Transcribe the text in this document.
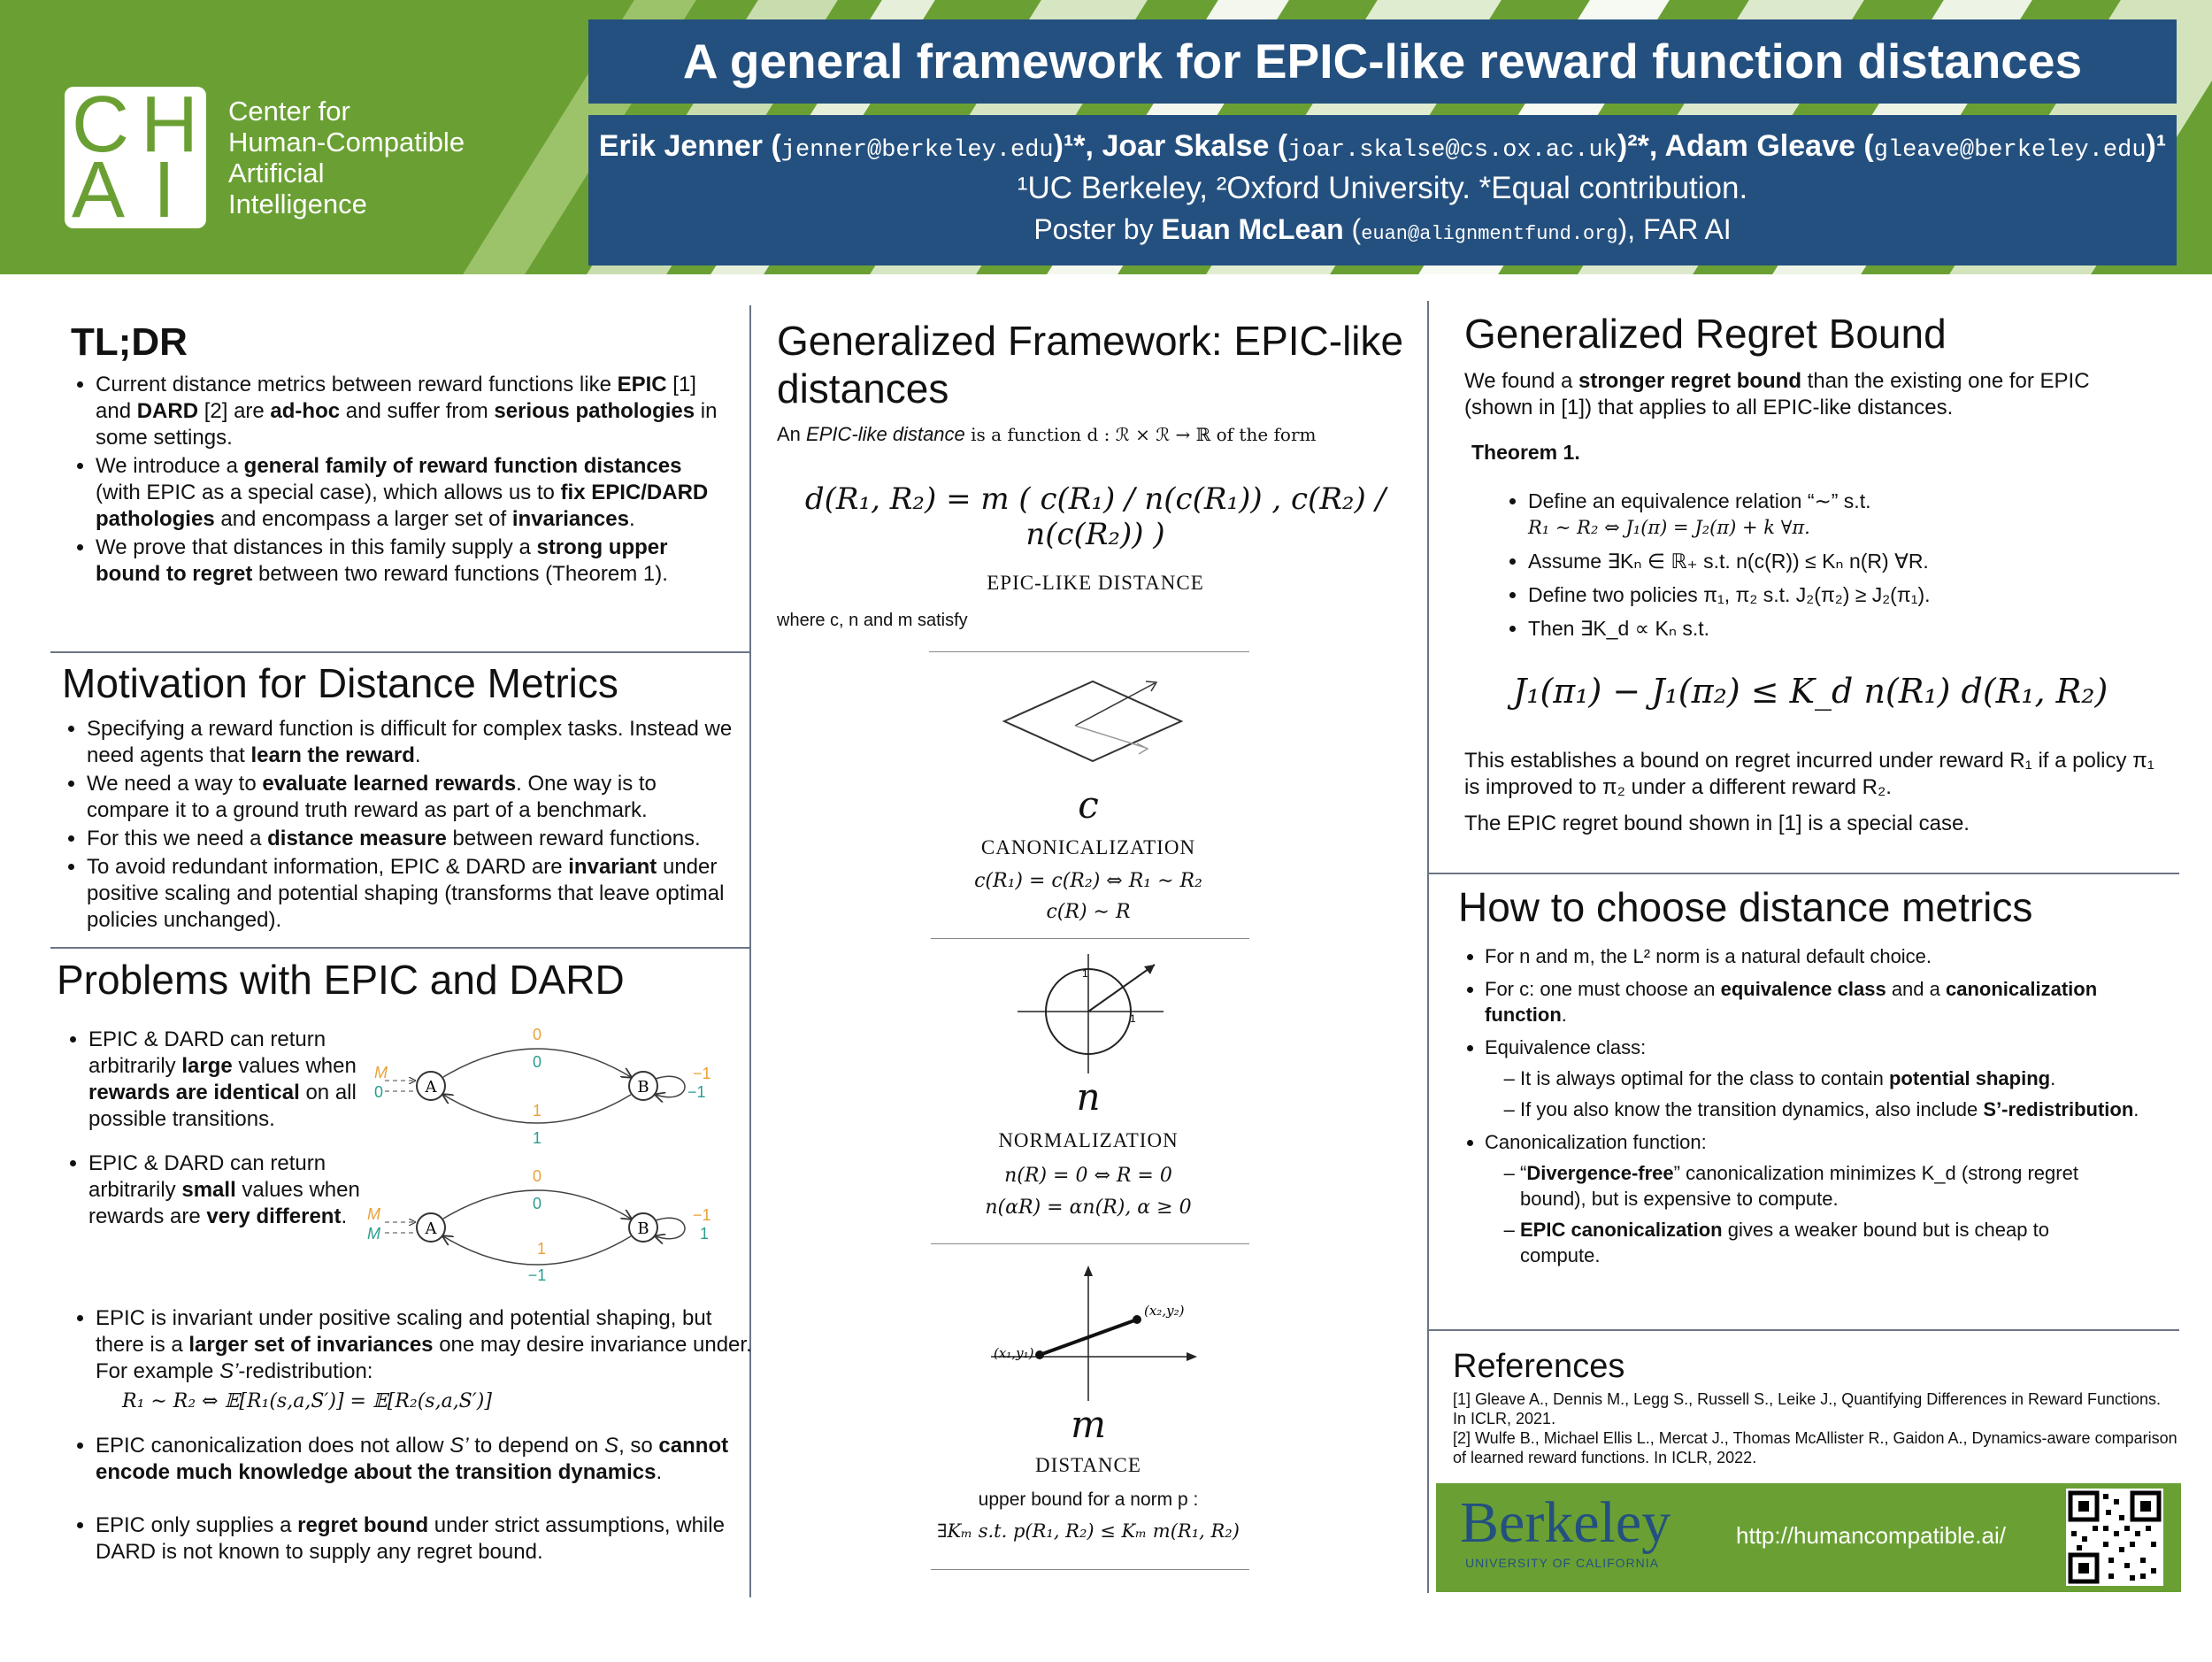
C H
A I
Center for
Human-Compatible
Artificial
Intelligence
A general framework for EPIC-like reward function distances
Erik Jenner (jenner@berkeley.edu)¹*, Joar Skalse (joar.skalse@cs.ox.ac.uk)²*, Adam Gleave (gleave@berkeley.edu)¹
¹UC Berkeley, ²Oxford University. *Equal contribution.
Poster by Euan McLean (euan@alignmentfund.org), FAR AI
TL;DR
• Current distance metrics between reward functions like EPIC [1] and DARD [2] are ad-hoc and suffer from serious pathologies in some settings.
• We introduce a general family of reward function distances (with EPIC as a special case), which allows us to fix EPIC/DARD pathologies and encompass a larger set of invariances.
• We prove that distances in this family supply a strong upper bound to regret between two reward functions (Theorem 1).
Motivation for Distance Metrics
• Specifying a reward function is difficult for complex tasks. Instead we need agents that learn the reward.
• We need a way to evaluate learned rewards. One way is to compare it to a ground truth reward as part of a benchmark.
• For this we need a distance measure between reward functions.
• To avoid redundant information, EPIC & DARD are invariant under positive scaling and potential shaping (transforms that leave optimal policies unchanged).
Problems with EPIC and DARD
• EPIC & DARD can return arbitrarily large values when rewards are identical on all possible transitions.
• EPIC & DARD can return arbitrarily small values when rewards are very different.
A	B
M
0
0
0
1
1
−1
−1
A	B
M
M
0
0
1
−1
−1
1
• EPIC is invariant under positive scaling and potential shaping, but there is a larger set of invariances one may desire invariance under. For example S’-redistribution:
R₁ ∼ R₂ ⇔ 𝔼[R₁(s,a,S′)] = 𝔼[R₂(s,a,S′)]
• EPIC canonicalization does not allow S’ to depend on S, so cannot encode much knowledge about the transition dynamics.
• EPIC only supplies a regret bound under strict assumptions, while DARD is not known to supply any regret bound.
Generalized Framework: EPIC-like distances
An EPIC-like distance is a function d : ℛ × ℛ → ℝ of the form
d(R₁, R₂) = m ( c(R₁) / n(c(R₁)) , c(R₂) / n(c(R₂)) )
EPIC-LIKE DISTANCE
where c, n and m satisfy
c
CANONICALIZATION
c(R₁) = c(R₂) ⇔ R₁ ∼ R₂
c(R) ∼ R
1
1
n
NORMALIZATION
n(R) = 0 ⇔ R = 0
n(αR) = αn(R), α ≥ 0
(x₁,y₁)
(x₂,y₂)
m
DISTANCE
upper bound for a norm p :
∃Kₘ s.t. p(R₁, R₂) ≤ Kₘ m(R₁, R₂)
Generalized Regret Bound
We found a stronger regret bound than the existing one for EPIC (shown in [1]) that applies to all EPIC-like distances.
Theorem 1.
• Define an equivalence relation “∼” s.t.
R₁ ∼ R₂ ⇔ J₁(π) = J₂(π) + k ∀π.
• Assume ∃Kₙ ∈ ℝ₊ s.t. n(c(R)) ≤ Kₙ n(R) ∀R.
• Define two policies π₁, π₂ s.t. J₂(π₂) ≥ J₂(π₁).
• Then ∃K_d ∝ Kₙ s.t.
J₁(π₁) − J₁(π₂) ≤ K_d n(R₁) d(R₁, R₂)
This establishes a bound on regret incurred under reward R₁ if a policy π₁ is improved to π₂ under a different reward R₂.
The EPIC regret bound shown in [1] is a special case.
How to choose distance metrics
• For n and m, the L² norm is a natural default choice.
• For c: one must choose an equivalence class and a canonicalization function.
• Equivalence class:
– It is always optimal for the class to contain potential shaping.
– If you also know the transition dynamics, also include S’-redistribution.
• Canonicalization function:
– “Divergence-free” canonicalization minimizes K_d (strong regret bound), but is expensive to compute.
– EPIC canonicalization gives a weaker bound but is cheap to compute.
References
[1] Gleave A., Dennis M., Legg S., Russell S., Leike J., Quantifying Differences in Reward Functions. In ICLR, 2021.
[2] Wulfe B., Michael Ellis L., Mercat J., Thomas McAllister R., Gaidon A., Dynamics-aware comparison of learned reward functions. In ICLR, 2022.
Berkeley
UNIVERSITY OF CALIFORNIA
http://humancompatible.ai/
